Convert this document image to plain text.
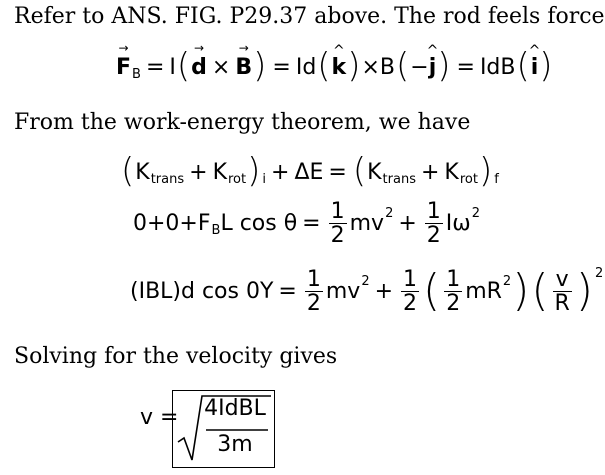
Refer to ANS. FIG. P29.37 above. The rod feels force
→ F B = I ( → d × → B ) = Id ( ^ k ) × B ( − ^ j ) = IdB ( ^ i )
From the work-energy theorem, we have
( K trans + K rot ) i + ΔE = ( K trans + K rot ) f
0+0+F B L $\cos \theta = \frac{1}{2}$ mv $2 + \frac{1}{2}$ Iω 2
(IBL)d $\cos 0\Upsilon = \frac{1}{2}$ mv $2 + \frac{1}{2}$ ( $\frac{1}{2}$ mR 2 ) ( $\frac{v}{R}$ ) 2
Solving for the velocity gives
v = 4IdBL
3m
